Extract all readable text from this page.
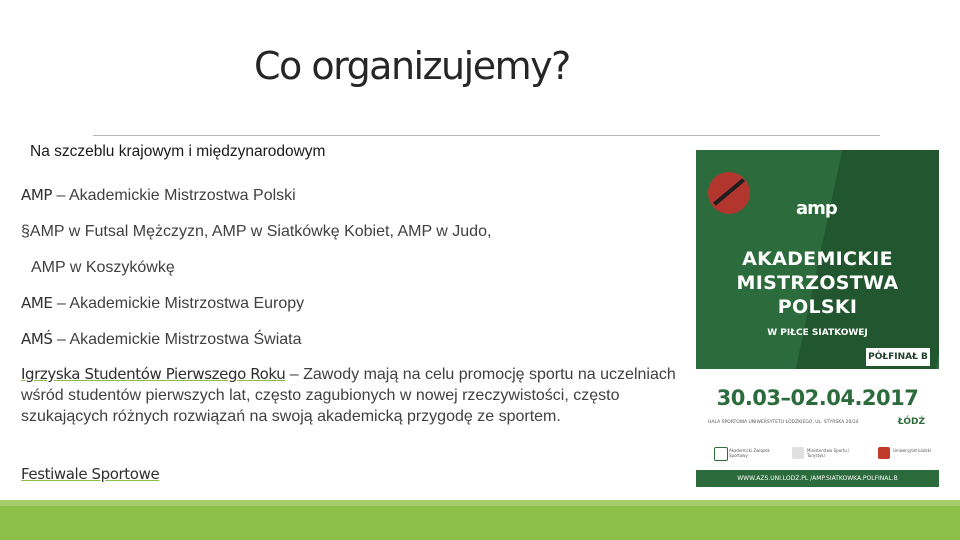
Co organizujemy?
Na szczeblu krajowym i międzynarodowym
AMP – Akademickie Mistrzostwa Polski
§AMP w Futsal Mężczyzn, AMP w Siatkówkę Kobiet, AMP w Judo,
AMP w Koszykówkę
AME – Akademickie Mistrzostwa Europy
AMŚ – Akademickie Mistrzostwa Świata
Igrzyska Studentów Pierwszego Roku – Zawody mają na celu promocję sportu na uczelniach wśród studentów pierwszych lat, często zagubionych w nowej rzeczywistości, często szukających różnych rozwiązań na swoją akademicką przygodę ze sportem.
Festiwale Sportowe
amp
AKADEMICKIE
MISTRZOSTWA
POLSKI
W PIŁCE SIATKOWEJ
PÓŁFINAŁ B
30.03–02.04.2017
HALA SPORTOWA UNIWERSYTETU ŁÓDZKIEGO, UL. STYRSKA 20/24	ŁÓDŹ
Akademicki Związek Sportowy
Ministerstwo Sportu i Turystyki
Uniwersytet Łódzki
WWW.AZS.UNI.LODZ.PL /AMP.SIATKOWKA.POLFINAL.B
